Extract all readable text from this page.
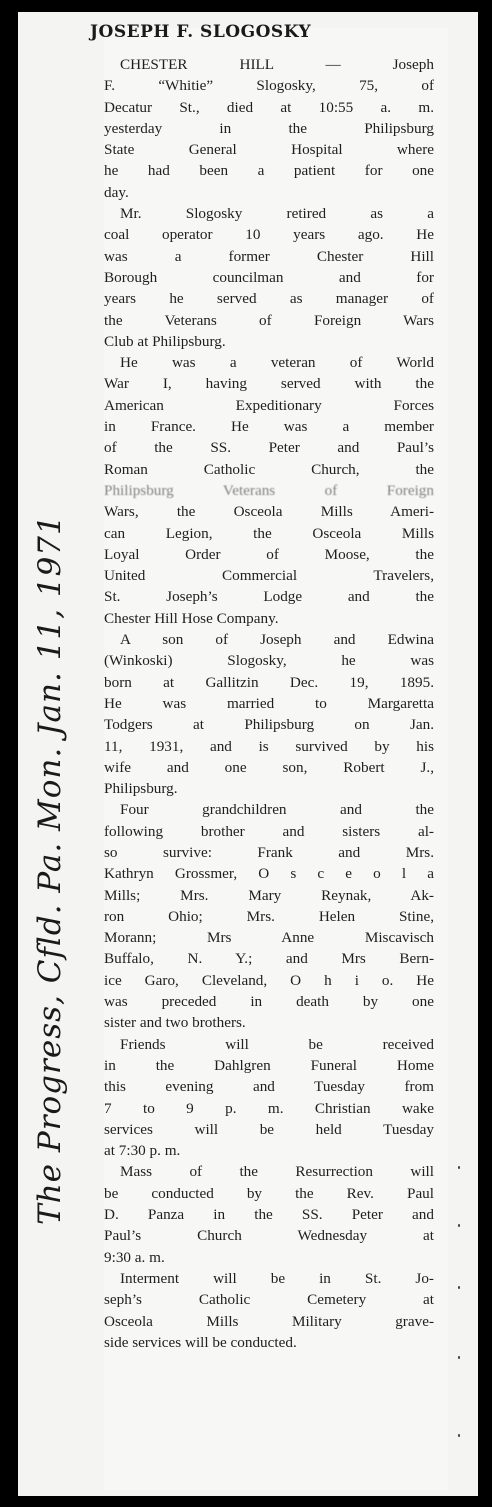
JOSEPH F. SLOGOSKY
CHESTER HILL — Joseph
F. “Whitie” Slogosky, 75, of
Decatur St., died at 10:55 a. m.
yesterday in the Philipsburg
State General Hospital where
he had been a patient for one
day.
Mr. Slogosky retired as a
coal operator 10 years ago. He
was a former Chester Hill
Borough councilman and for
years he served as manager of
the Veterans of Foreign Wars
Club at Philipsburg.
He was a veteran of World
War I, having served with the
American Expeditionary Forces
in France. He was a member
of the SS. Peter and Paul’s
Roman Catholic Church, the
Philipsburg Veterans of Foreign
Wars, the Osceola Mills Ameri-
can Legion, the Osceola Mills
Loyal Order of Moose, the
United Commercial Travelers,
St. Joseph’s Lodge and the
Chester Hill Hose Company.
A son of Joseph and Edwina
(Winkoski) Slogosky, he was
born at Gallitzin Dec. 19, 1895.
He was married to Margaretta
Todgers at Philipsburg on Jan.
11, 1931, and is survived by his
wife and one son, Robert J.,
Philipsburg.
Four grandchildren and the
following brother and sisters al-
so survive: Frank and Mrs.
Kathryn Grossmer, O s c e o l a
Mills; Mrs. Mary Reynak, Ak-
ron Ohio; Mrs. Helen Stine,
Morann; Mrs Anne Miscavisch
Buffalo, N. Y.; and Mrs Bern-
ice Garo, Cleveland, O h i o. He
was preceded in death by one
sister and two brothers.
Friends will be received
in the Dahlgren Funeral Home
this evening and Tuesday from
7 to 9 p. m. Christian wake
services will be held Tuesday
at 7:30 p. m.
Mass of the Resurrection will
be conducted by the Rev. Paul
D. Panza in the SS. Peter and
Paul’s Church Wednesday at
9:30 a. m.
Interment will be in St. Jo-
seph’s Catholic Cemetery at
Osceola Mills Military grave-
side services will be conducted.
The Progress, Cfld. Pa. Mon. Jan. 11, 1971
